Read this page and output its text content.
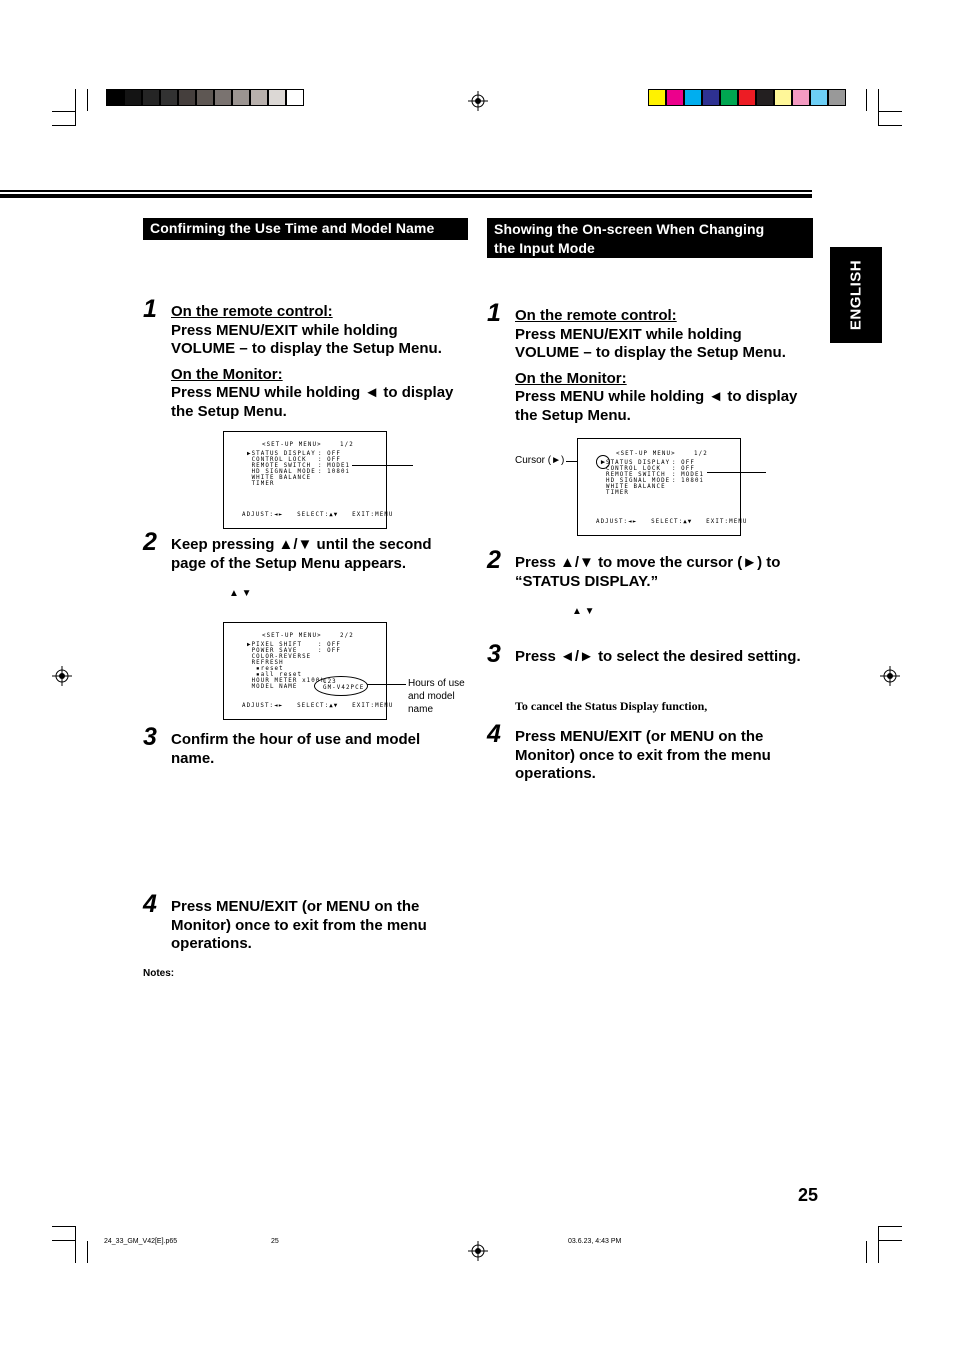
ENGLISH
Confirming the Use Time and Model Name
1 On the remote control:
Press MENU/EXIT while holding VOLUME – to display the Setup Menu.
On the Monitor:
Press MENU while holding ◄ to display the Setup Menu.
<SET-UP MENU>    1/2
▶STATUS DISPLAY
CONTROL LOCK
REMOTE SWITCH
HD SIGNAL MODE
WHITE BALANCE
TIMER
: OFF
: OFF
: MODE1
: 1080i
ADJUST:◄►   SELECT:▲▼   EXIT:MENU
2 Keep pressing ▲/▼ until the second page of the Setup Menu appears.
▲ ▼
<SET-UP MENU>    2/2
▶PIXEL SHIFT
POWER SAVE
COLOR-REVERSE
REFRESH
▪reset
▪all reset
HOUR METER x100h
MODEL NAME
: OFF
: OFF
123
GM-V42PCE
ADJUST:◄►   SELECT:▲▼   EXIT:MENU
Hours of use and model name
3 Confirm the hour of use and model name.
4 Press MENU/EXIT (or MENU on the Monitor) once to exit from the menu operations.
Notes:
Showing the On-screen When Changing
the Input Mode
1 On the remote control:
Press MENU/EXIT while holding VOLUME – to display the Setup Menu.
On the Monitor:
Press MENU while holding ◄ to display the Setup Menu.
Cursor (►)
<SET-UP MENU>    1/2
▶ STATUS DISPLAY
CONTROL LOCK
REMOTE SWITCH
HD SIGNAL MODE
WHITE BALANCE
TIMER
: OFF
: OFF
: MODE1
: 1080i
ADJUST:◄►   SELECT:▲▼   EXIT:MENU
2 Press ▲/▼ to move the cursor (►) to “STATUS DISPLAY.”
▲ ▼
3 Press ◄/► to select the desired setting.
To cancel the Status Display function,
4 Press MENU/EXIT (or MENU on the Monitor) once to exit from the menu operations.
25
24_33_GM_V42[E].p65	25	03.6.23, 4:43 PM
